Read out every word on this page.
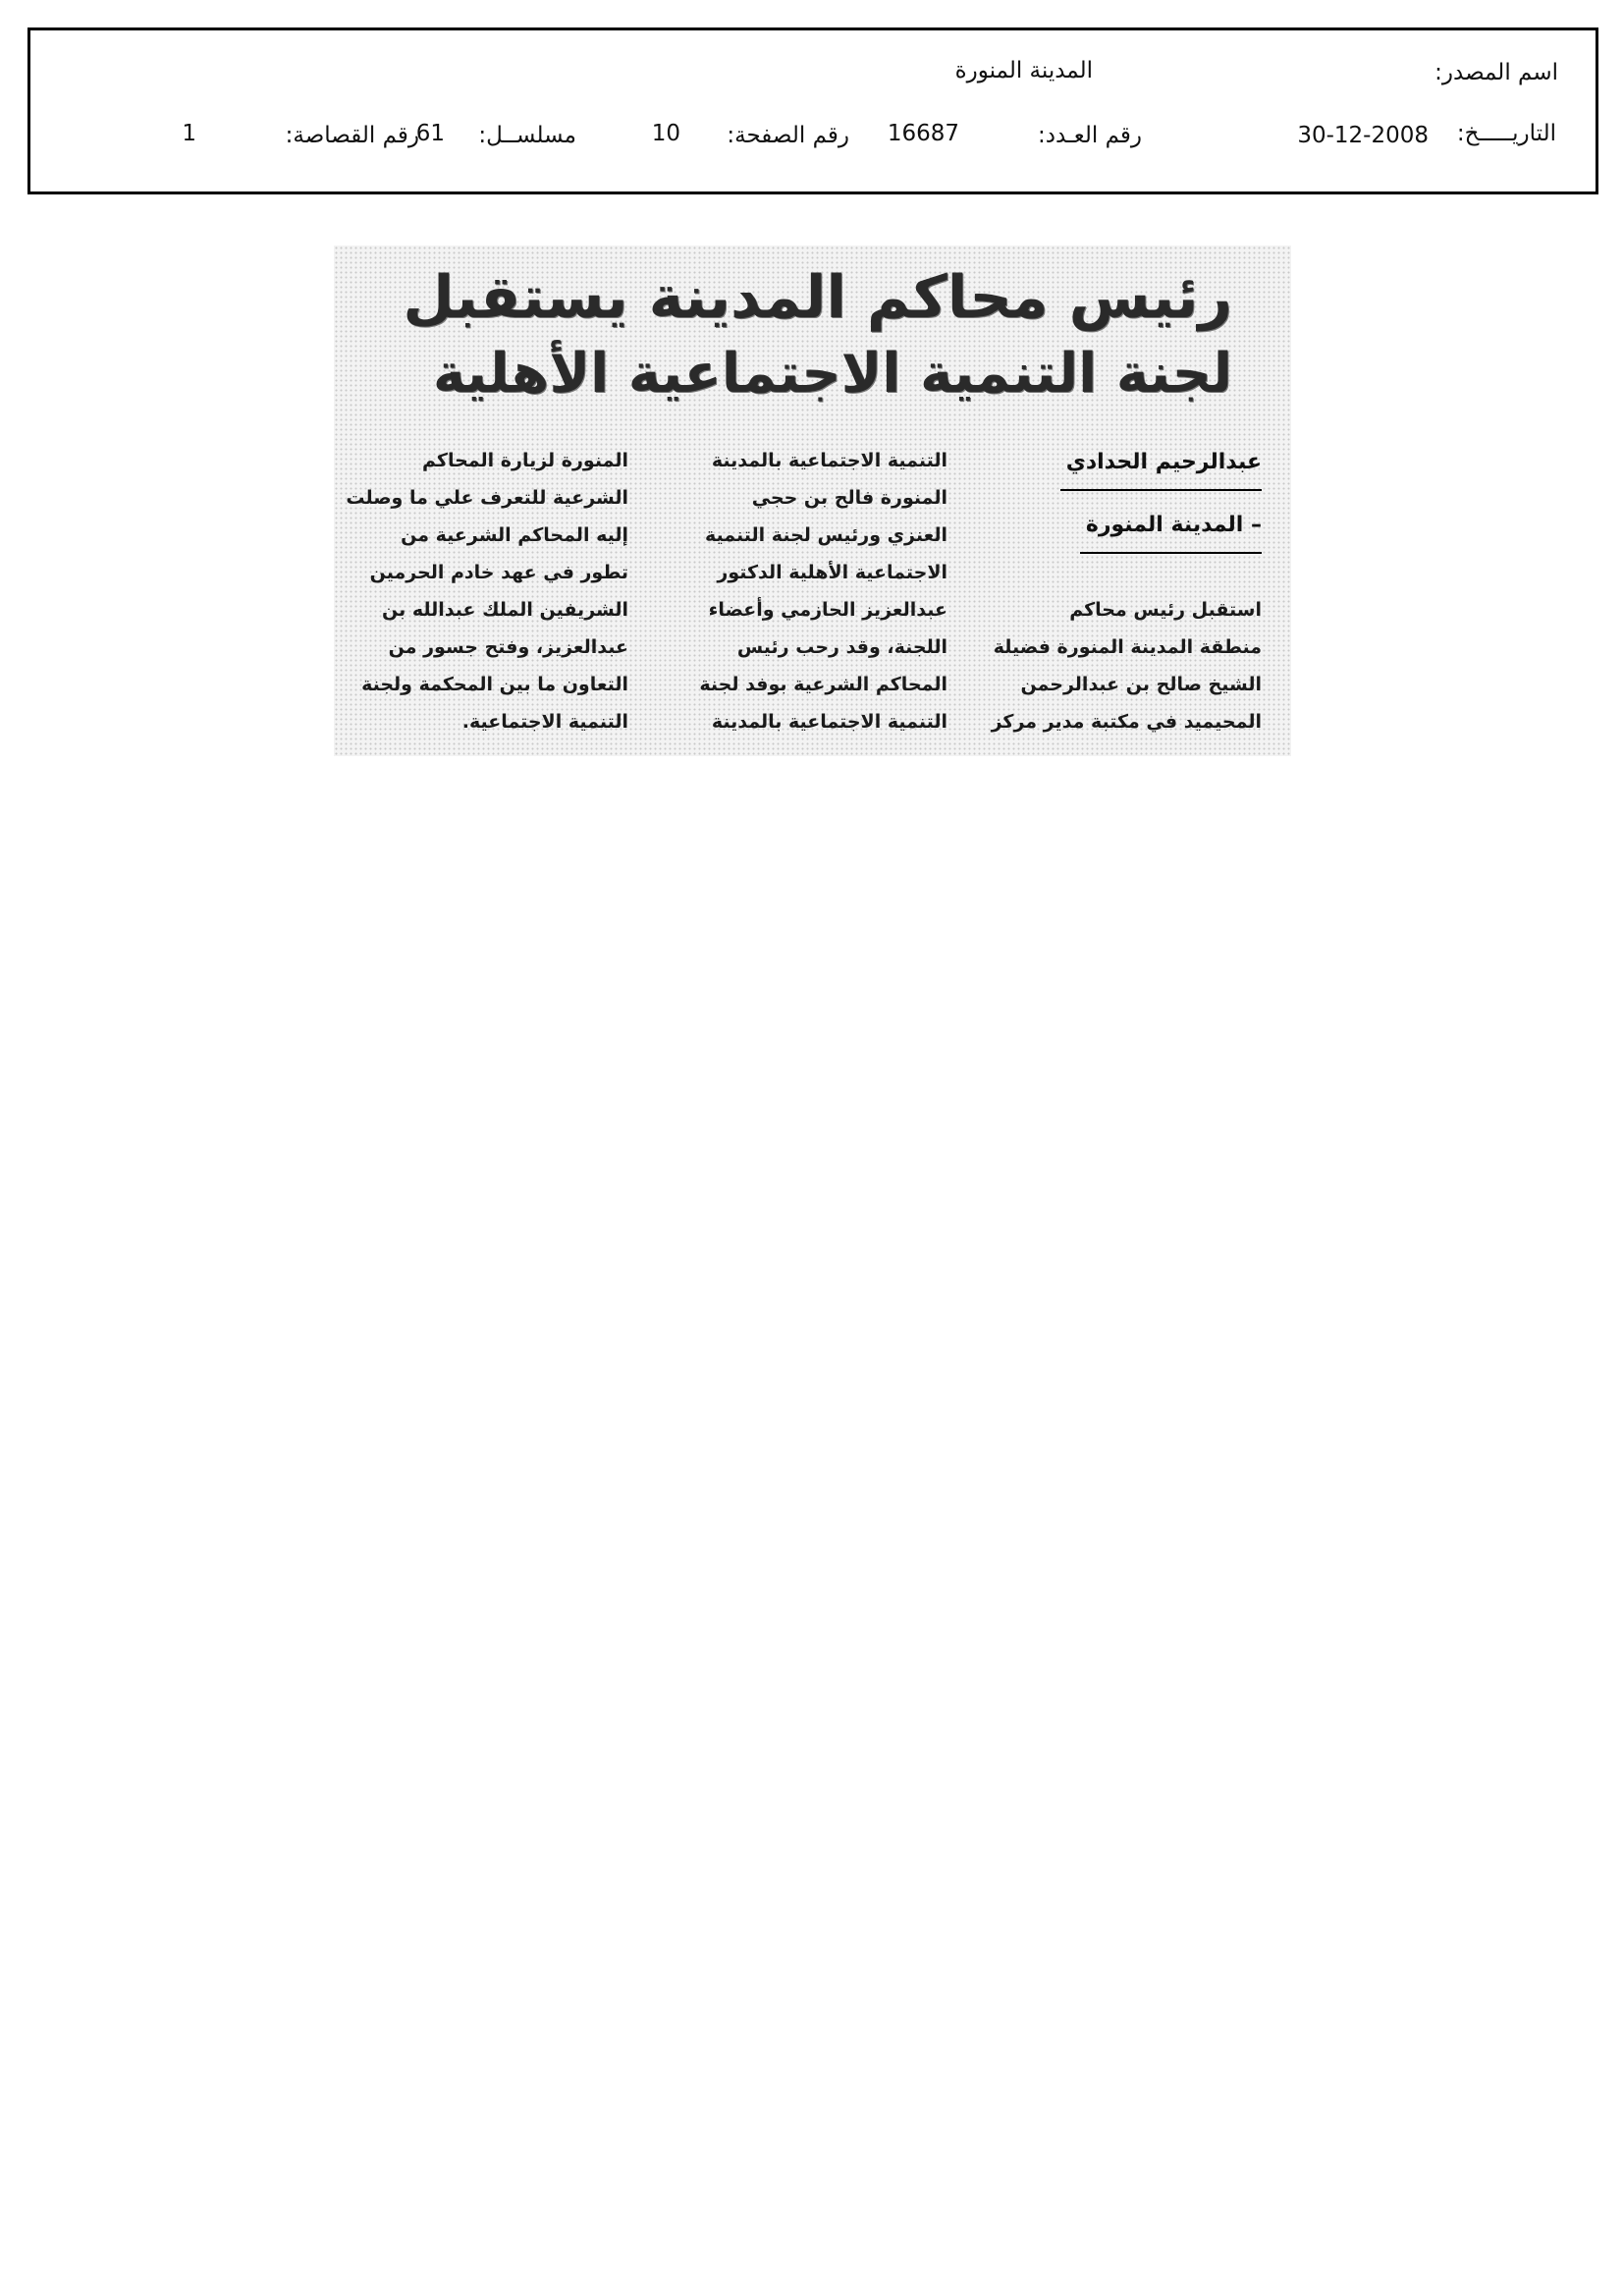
اسم المصدر:
المدينة المنورة
التاريـــــخ:
30-12-2008
رقم العـدد:
16687
رقم الصفحة:
10
مسلســل:
61
رقم القصاصة:
1
رئيس محاكم المدينة يستقبل
لجنة التنمية الاجتماعية الأهلية
عبدالرحيم الحدادي
– المدينة المنورة
استقبل رئيس محاكم
منطقة المدينة المنورة فضيلة
الشيخ صالح بن عبدالرحمن
المحيميد في مكتبة مدير مركز
التنمية الاجتماعية بالمدينة
المنورة فالح بن حجي
العنزي ورئيس لجنة التنمية
الاجتماعية الأهلية الدكتور
عبدالعزيز الحازمي وأعضاء
اللجنة، وقد رحب رئيس
المحاكم الشرعية بوفد لجنة
التنمية الاجتماعية بالمدينة
المنورة لزيارة المحاكم
الشرعية للتعرف علي ما وصلت
إليه المحاكم الشرعية من
تطور في عهد خادم الحرمين
الشريفين الملك عبدالله بن
عبدالعزيز، وفتح جسور من
التعاون ما بين المحكمة ولجنة
التنمية الاجتماعية.
